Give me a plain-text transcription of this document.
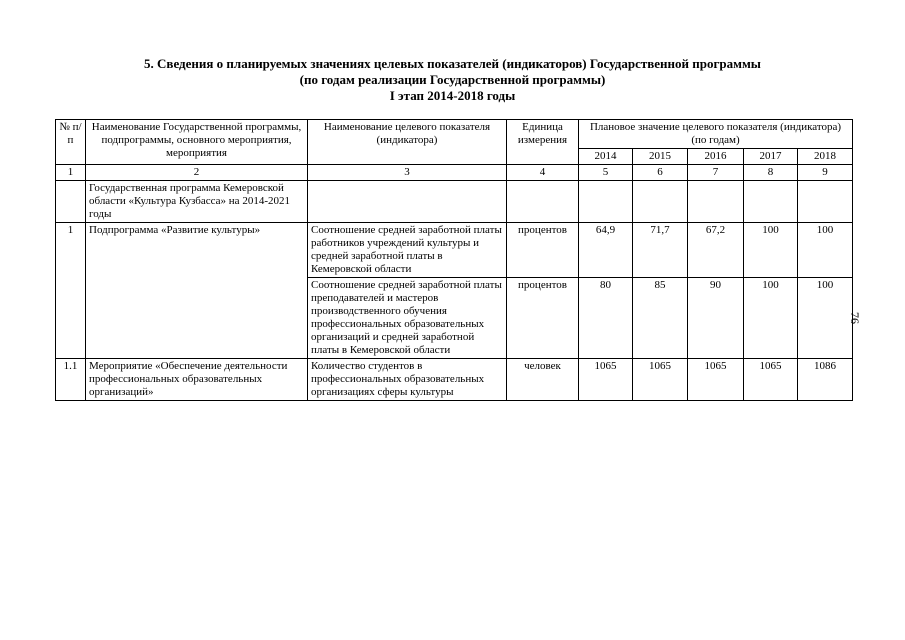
5. Сведения о планируемых значениях целевых показателей (индикаторов) Государственной программы
(по годам реализации Государственной программы)
I этап 2014-2018 годы
№ п/п	Наименование Государственной программы, подпрограммы, основного мероприятия, мероприятия	Наименование целевого показателя (индикатора)	Единица измерения	Плановое значение целевого показателя (индикатора) (по годам)				
				2014	2015	2016	2017	2018
1	2	3	4	5	6	7	8	9
	Государственная программа Кемеровской области «Культура Кузбасса» на 2014-2021 годы							
1	Подпрограмма «Развитие культуры»	Соотношение средней заработной платы работников учреждений культуры и средней заработной платы в Кемеровской области	процентов	64,9	71,7	67,2	100	100
		Соотношение средней заработной платы преподавателей и мастеров производственного обучения профессиональных образовательных организаций и средней заработной платы в Кемеровской области	процентов	80	85	90	100	100
1.1	Мероприятие «Обеспечение деятельности профессиональных образовательных организаций»	Количество студентов в профессиональных образовательных организациях сферы культуры	человек	1065	1065	1065	1065	1086
76
